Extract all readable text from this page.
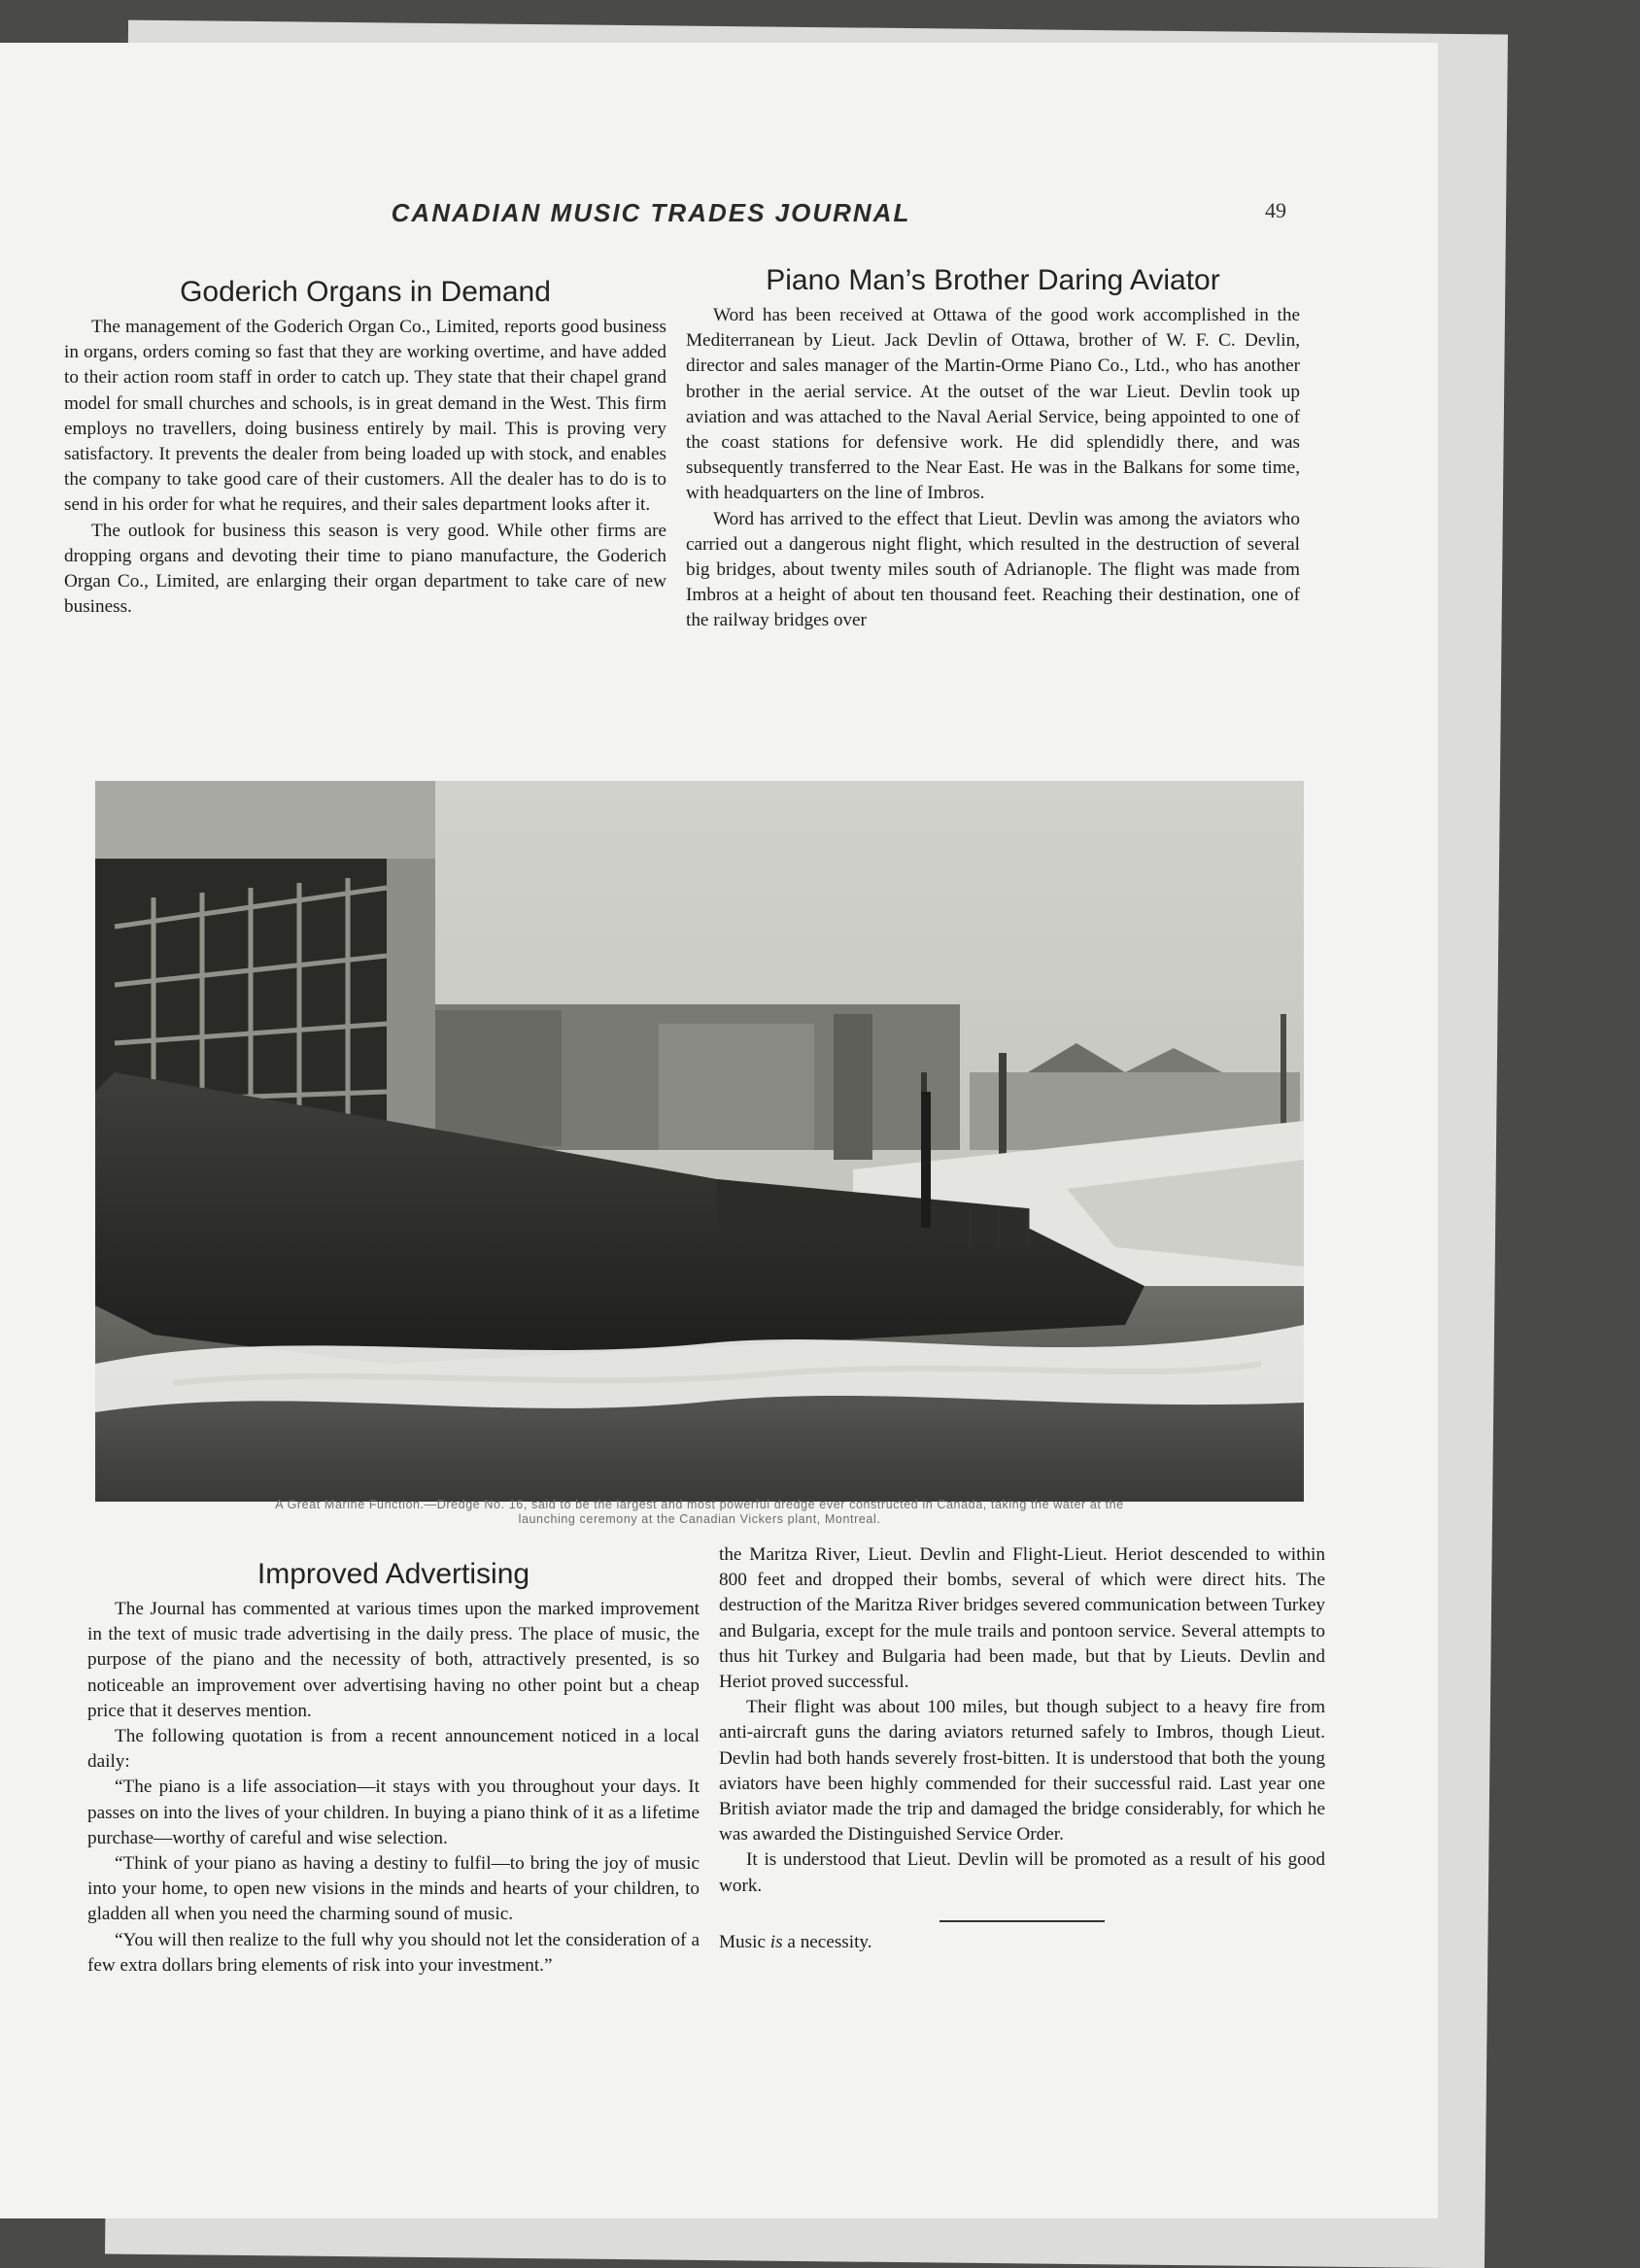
CANADIAN MUSIC TRADES JOURNAL	49
Goderich Organs in Demand

The management of the Goderich Organ Co., Limited, reports good business in organs, orders coming so fast that they are working overtime, and have added to their action room staff in order to catch up. They state that their chapel grand model for small churches and schools, is in great demand in the West. This firm employs no travellers, doing business entirely by mail. This is proving very satisfactory. It prevents the dealer from being loaded up with stock, and enables the company to take good care of their customers. All the dealer has to do is to send in his order for what he requires, and their sales department looks after it.

The outlook for business this season is very good. While other firms are dropping organs and devoting their time to piano manufacture, the Goderich Organ Co., Limited, are enlarging their organ department to take care of new business.

Piano Man’s Brother Daring Aviator

Word has been received at Ottawa of the good work accomplished in the Mediterranean by Lieut. Jack Devlin of Ottawa, brother of W. F. C. Devlin, director and sales manager of the Martin-Orme Piano Co., Ltd., who has another brother in the aerial service. At the outset of the war Lieut. Devlin took up aviation and was attached to the Naval Aerial Service, being appointed to one of the coast stations for defensive work. He did splendidly there, and was subsequently transferred to the Near East. He was in the Balkans for some time, with headquarters on the line of Imbros.

Word has arrived to the effect that Lieut. Devlin was among the aviators who carried out a dangerous night flight, which resulted in the destruction of several big bridges, about twenty miles south of Adrianople. The flight was made from Imbros at a height of about ten thousand feet. Reaching their destination, one of the railway bridges over

A Great Marine Function.—Dredge No. 16, said to be the largest and most powerful dredge ever constructed in Canada, taking the water at the
launching ceremony at the Canadian Vickers plant, Montreal.
Improved Advertising

The Journal has commented at various times upon the marked improvement in the text of music trade advertising in the daily press. The place of music, the purpose of the piano and the necessity of both, attractively presented, is so noticeable an improvement over advertising having no other point but a cheap price that it deserves mention.

The following quotation is from a recent announcement noticed in a local daily:

“The piano is a life association—it stays with you throughout your days. It passes on into the lives of your children. In buying a piano think of it as a lifetime purchase—worthy of careful and wise selection.

“Think of your piano as having a destiny to fulfil—to bring the joy of music into your home, to open new visions in the minds and hearts of your children, to gladden all when you need the charming sound of music.

“You will then realize to the full why you should not let the consideration of a few extra dollars bring elements of risk into your investment.”

the Maritza River, Lieut. Devlin and Flight-Lieut. Heriot descended to within 800 feet and dropped their bombs, several of which were direct hits. The destruction of the Maritza River bridges severed communication between Turkey and Bulgaria, except for the mule trails and pontoon service. Several attempts to thus hit Turkey and Bulgaria had been made, but that by Lieuts. Devlin and Heriot proved successful.

Their flight was about 100 miles, but though subject to a heavy fire from anti-aircraft guns the daring aviators returned safely to Imbros, though Lieut. Devlin had both hands severely frost-bitten. It is understood that both the young aviators have been highly commended for their successful raid. Last year one British aviator made the trip and damaged the bridge considerably, for which he was awarded the Distinguished Service Order.

It is understood that Lieut. Devlin will be promoted as a result of his good work.

Music is a necessity.
